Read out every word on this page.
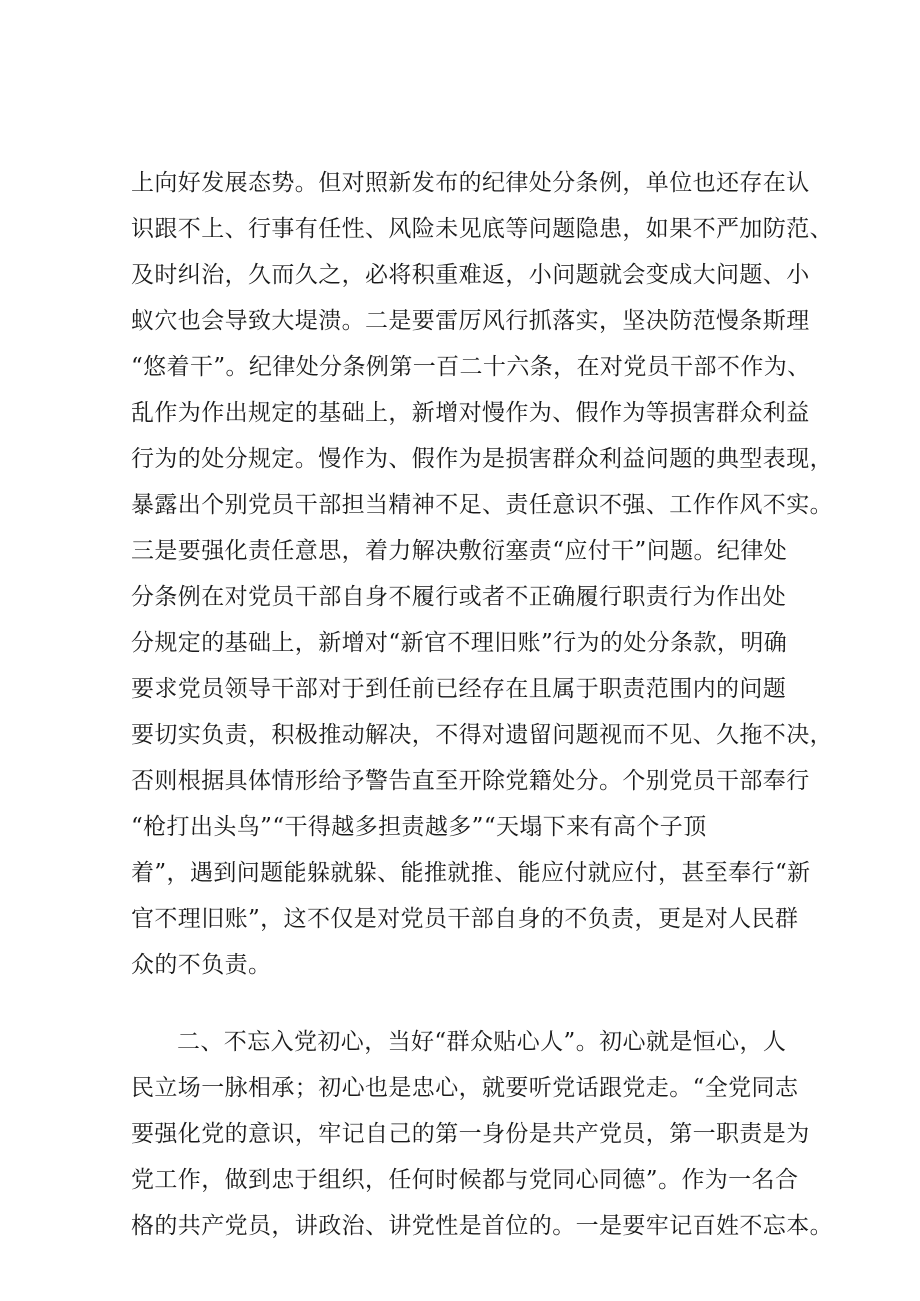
上向好发展态势。但对照新发布的纪律处分条例，单位也还存在认
识跟不上、行事有任性、风险未见底等问题隐患，如果不严加防范、
及时纠治，久而久之，必将积重难返，小问题就会变成大问题、小
蚁穴也会导致大堤溃。二是要雷厉风行抓落实，坚决防范慢条斯理
“悠着干”。纪律处分条例第一百二十六条，在对党员干部不作为、
乱作为作出规定的基础上，新增对慢作为、假作为等损害群众利益
行为的处分规定。慢作为、假作为是损害群众利益问题的典型表现，
暴露出个别党员干部担当精神不足、责任意识不强、工作作风不实。
三是要强化责任意思，着力解决敷衍塞责“应付干”问题。纪律处
分条例在对党员干部自身不履行或者不正确履行职责行为作出处
分规定的基础上，新增对“新官不理旧账”行为的处分条款，明确
要求党员领导干部对于到任前已经存在且属于职责范围内的问题
要切实负责，积极推动解决，不得对遗留问题视而不见、久拖不决，
否则根据具体情形给予警告直至开除党籍处分。个别党员干部奉行
“枪打出头鸟”“干得越多担责越多”“天塌下来有高个子顶
着”，遇到问题能躲就躲、能推就推、能应付就应付，甚至奉行“新
官不理旧账”，这不仅是对党员干部自身的不负责，更是对人民群
众的不负责。
二、不忘入党初心，当好“群众贴心人”。初心就是恒心，人
民立场一脉相承；初心也是忠心，就要听党话跟党走。“全党同志
要强化党的意识，牢记自己的第一身份是共产党员，第一职责是为
党工作，做到忠于组织，任何时候都与党同心同德”。作为一名合
格的共产党员，讲政治、讲党性是首位的。一是要牢记百姓不忘本。
